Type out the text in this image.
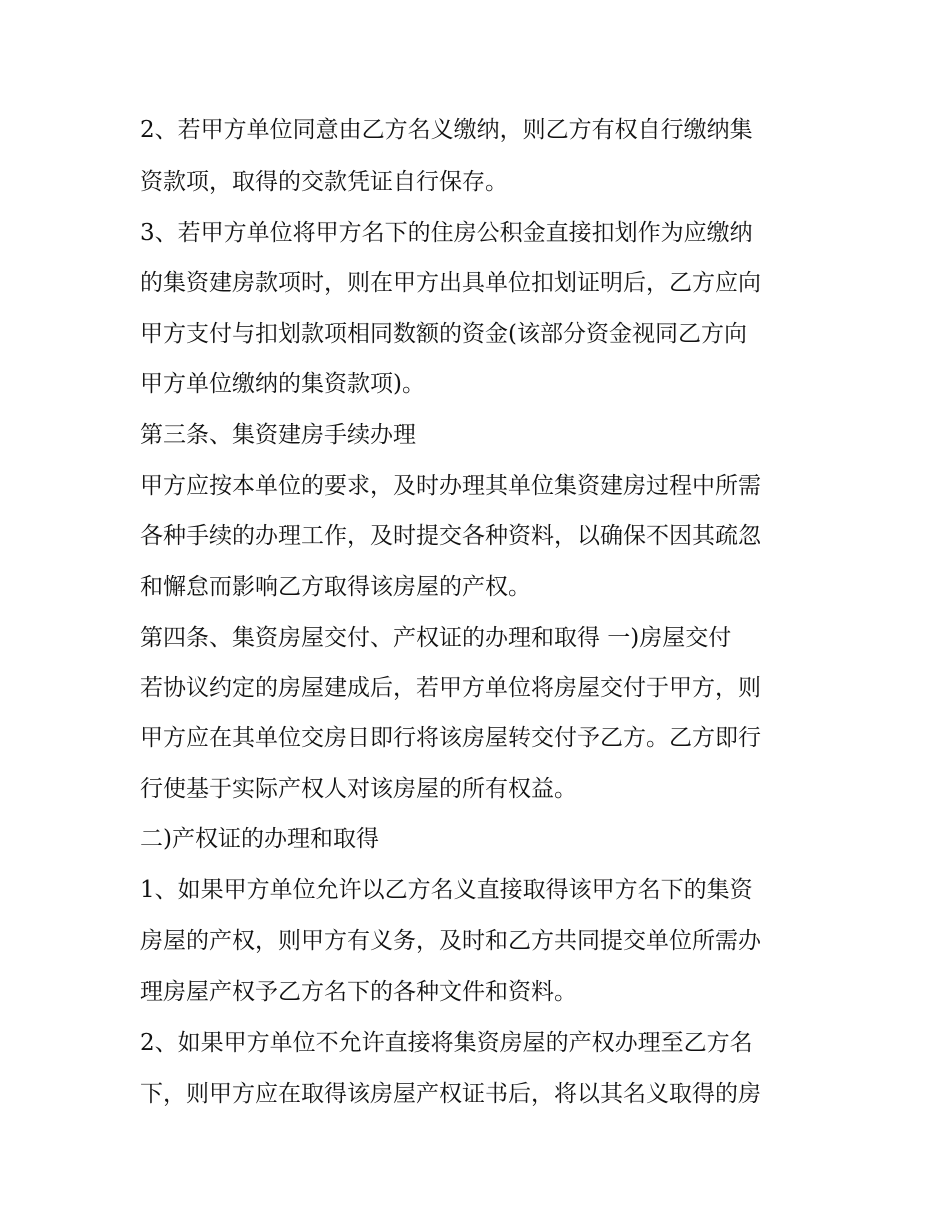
2、若甲方单位同意由乙方名义缴纳，则乙方有权自行缴纳集
资款项，取得的交款凭证自行保存。
3、若甲方单位将甲方名下的住房公积金直接扣划作为应缴纳
的集资建房款项时，则在甲方出具单位扣划证明后，乙方应向
甲方支付与扣划款项相同数额的资金(该部分资金视同乙方向
甲方单位缴纳的集资款项)。
第三条、集资建房手续办理
甲方应按本单位的要求，及时办理其单位集资建房过程中所需
各种手续的办理工作，及时提交各种资料，以确保不因其疏忽
和懈怠而影响乙方取得该房屋的产权。
第四条、集资房屋交付、产权证的办理和取得 一)房屋交付
若协议约定的房屋建成后，若甲方单位将房屋交付于甲方，则
甲方应在其单位交房日即行将该房屋转交付予乙方。乙方即行
行使基于实际产权人对该房屋的所有权益。
二)产权证的办理和取得
1、如果甲方单位允许以乙方名义直接取得该甲方名下的集资
房屋的产权，则甲方有义务，及时和乙方共同提交单位所需办
理房屋产权予乙方名下的各种文件和资料。
2、如果甲方单位不允许直接将集资房屋的产权办理至乙方名
下，则甲方应在取得该房屋产权证书后，将以其名义取得的房
